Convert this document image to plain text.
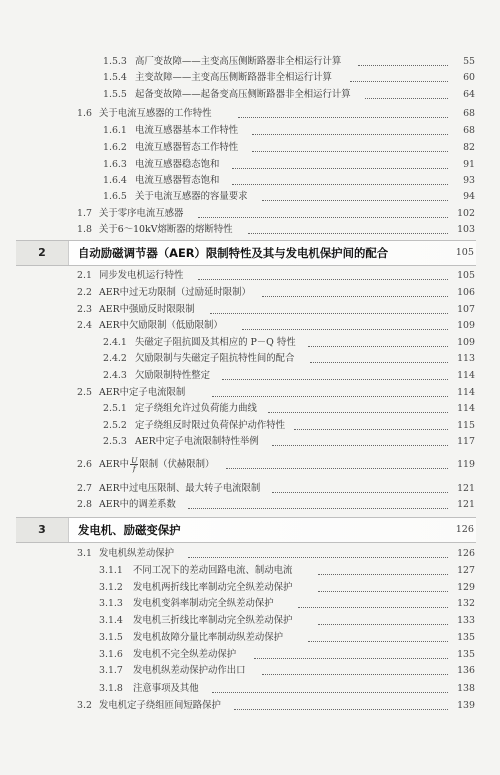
1.5.3 高厂变故障——主变高压侧断路器非全相运行计算	55
1.5.4 主变故障——主变高压侧断路器非全相运行计算	60
1.5.5 起备变故障——起备变高压侧断路器非全相运行计算	64
1.6 关于电流互感器的工作特性	68
1.6.1 电流互感器基本工作特性	68
1.6.2 电流互感器暂态工作特性	82
1.6.3 电流互感器稳态饱和	91
1.6.4 电流互感器暂态饱和	93
1.6.5 关于电流互感器的容量要求	94
1.7 关于零序电流互感器	102
1.8 关于6～10kV熔断器的熔断特性	103
2	自动励磁调节器（AER）限制特性及其与发电机保护间的配合	105
2.1 同步发电机运行特性	105
2.2 AER中过无功限制（过励延时限制）	106
2.3 AER中强励反时限限制	107
2.4 AER中欠励限制（低励限制）	109
2.4.1 失磁定子阻抗圆及其相应的 P－Q 特性	109
2.4.2 欠励限制与失磁定子阻抗特性间的配合	113
2.4.3 欠励限制特性整定	114
2.5 AER中定子电流限制	114
2.5.1 定子绕组允许过负荷能力曲线	114
2.5.2 定子绕组反时限过负荷保护动作特性	115
2.5.3 AER中定子电流限制特性举例	117
2.6 AER中 $\frac{U}{f}$ 限制（伏赫限制）	119
2.7 AER中过电压限制、最大转子电流限制	121
2.8 AER中的调差系数	121
3	发电机、励磁变保护	126
3.1 发电机纵差动保护	126
3.1.1 不同工况下的差动回路电流、制动电流	127
3.1.2 发电机两折线比率制动完全纵差动保护	129
3.1.3 发电机变斜率制动完全纵差动保护	132
3.1.4 发电机三折线比率制动完全纵差动保护	133
3.1.5 发电机故障分量比率制动纵差动保护	135
3.1.6 发电机不完全纵差动保护	135
3.1.7 发电机纵差动保护动作出口	136
3.1.8 注意事项及其他	138
3.2 发电机定子绕组匝间短路保护	139
